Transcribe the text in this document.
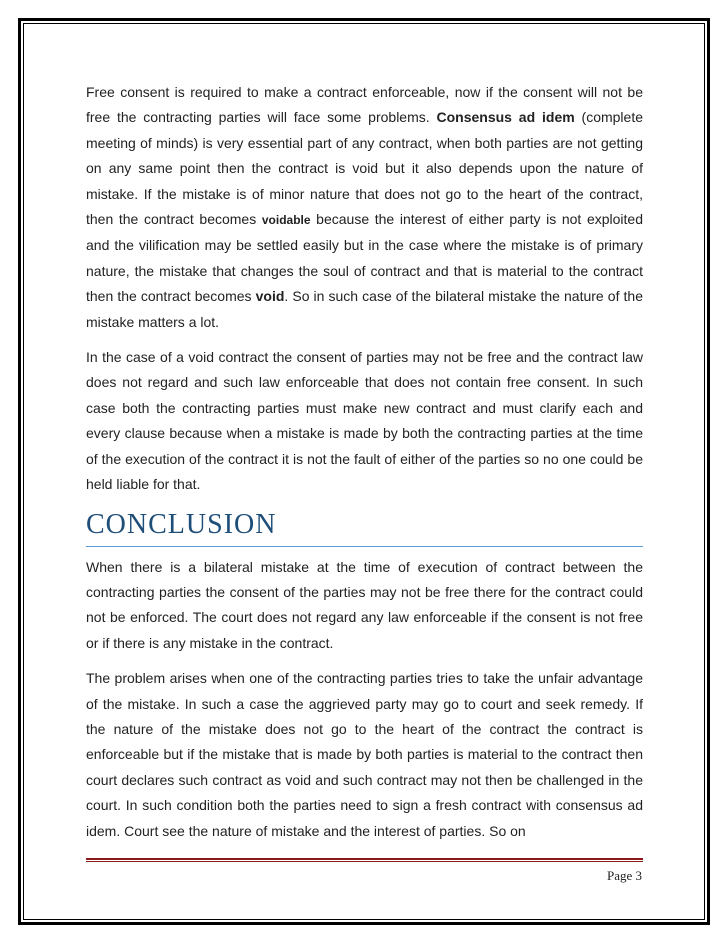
Free consent is required to make a contract enforceable, now if the consent will not be free the contracting parties will face some problems. Consensus ad idem (complete meeting of minds) is very essential part of any contract, when both parties are not getting on any same point then the contract is void but it also depends upon the nature of mistake. If the mistake is of minor nature that does not go to the heart of the contract, then the contract becomes voidable because the interest of either party is not exploited and the vilification may be settled easily but in the case where the mistake is of primary nature, the mistake that changes the soul of contract and that is material to the contract then the contract becomes void. So in such case of the bilateral mistake the nature of the mistake matters a lot.

In the case of a void contract the consent of parties may not be free and the contract law does not regard and such law enforceable that does not contain free consent. In such case both the contracting parties must make new contract and must clarify each and every clause because when a mistake is made by both the contracting parties at the time of the execution of the contract it is not the fault of either of the parties so no one could be held liable for that.

CONCLUSION

When there is a bilateral mistake at the time of execution of contract between the contracting parties the consent of the parties may not be free there for the contract could not be enforced. The court does not regard any law enforceable if the consent is not free or if there is any mistake in the contract.

The problem arises when one of the contracting parties tries to take the unfair advantage of the mistake. In such a case the aggrieved party may go to court and seek remedy. If the nature of the mistake does not go to the heart of the contract the contract is enforceable but if the mistake that is made by both parties is material to the contract then court declares such contract as void and such contract may not then be challenged in the court. In such condition both the parties need to sign a fresh contract with consensus ad idem. Court see the nature of mistake and the interest of parties. So on

Page 3
